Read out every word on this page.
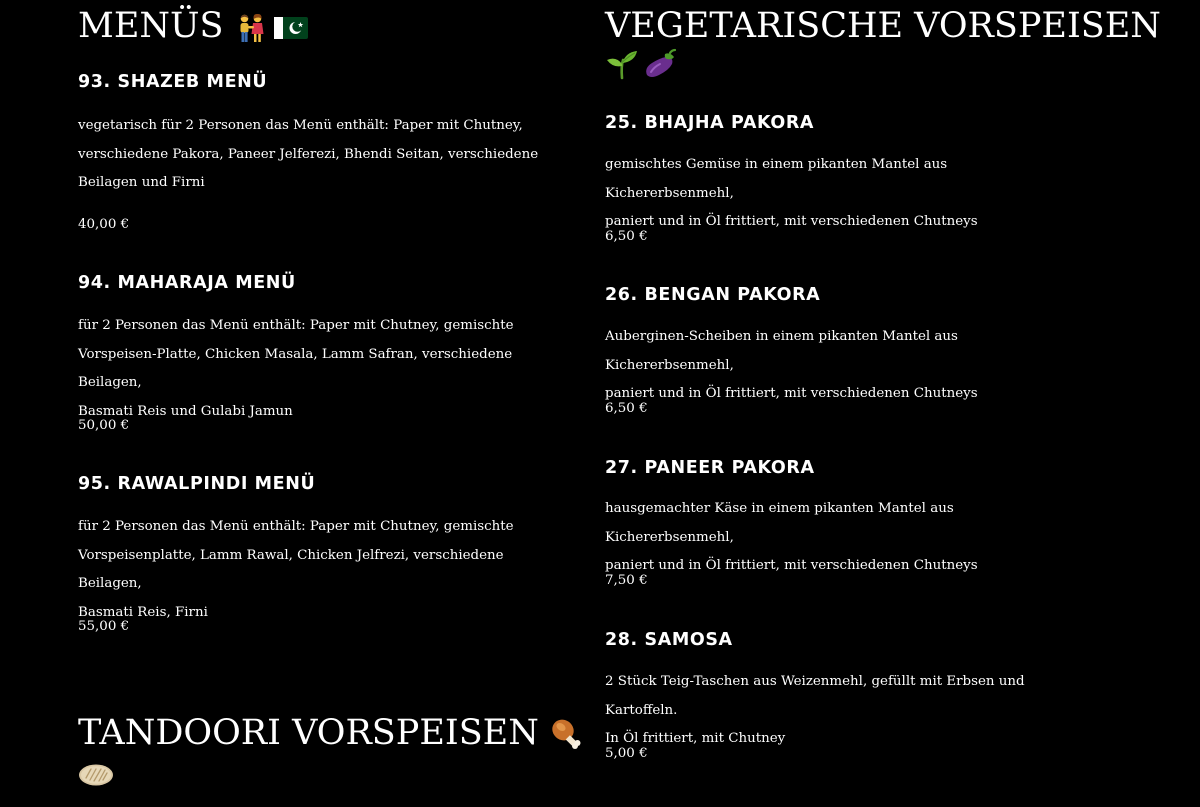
MENÜS
93. SHAZEB MENÜ

vegetarisch für 2 Personen das Menü enthält: Paper mit Chutney,
verschiedene Pakora, Paneer Jelferezi, Bhendi Seitan, verschiedene
Beilagen und Firni

40,00 €

94. MAHARAJA MENÜ

für 2 Personen das Menü enthält: Paper mit Chutney, gemischte
Vorspeisen-Platte, Chicken Masala, Lamm Safran, verschiedene Beilagen,
Basmati Reis und Gulabi Jamun

50,00 €

95. RAWALPINDI MENÜ

für 2 Personen das Menü enthält: Paper mit Chutney, gemischte
Vorspeisenplatte, Lamm Rawal, Chicken Jelfrezi, verschiedene Beilagen,
Basmati Reis, Firni

55,00 €

TANDOORI VORSPEISEN
VEGETARISCHE VORSPEISEN

25. BHAJHA PAKORA

gemischtes Gemüse in einem pikanten Mantel aus Kichererbsenmehl,
paniert und in Öl frittiert, mit verschiedenen Chutneys

6,50 €

26. BENGAN PAKORA

Auberginen-Scheiben in einem pikanten Mantel aus Kichererbsenmehl,
paniert und in Öl frittiert, mit verschiedenen Chutneys

6,50 €

27. PANEER PAKORA

hausgemachter Käse in einem pikanten Mantel aus Kichererbsenmehl,
paniert und in Öl frittiert, mit verschiedenen Chutneys

7,50 €

28. SAMOSA

2 Stück Teig-Taschen aus Weizenmehl, gefüllt mit Erbsen und Kartoffeln.
In Öl frittiert, mit Chutney

5,00 €
